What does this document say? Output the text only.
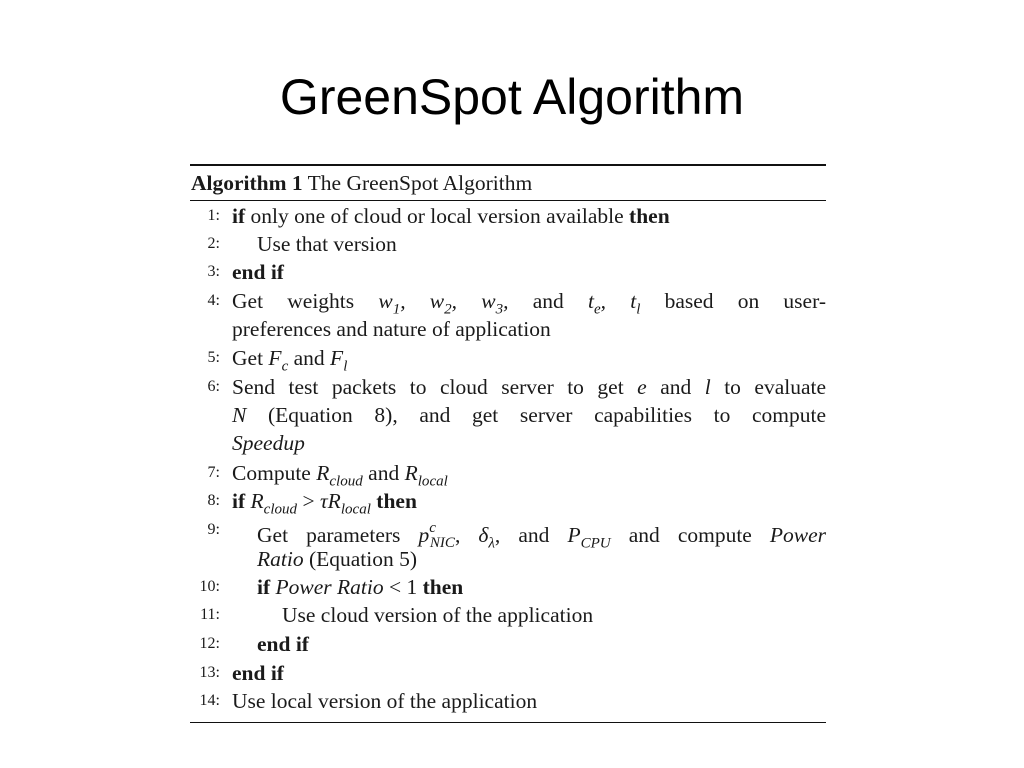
GreenSpot Algorithm
Algorithm 1 The GreenSpot Algorithm
1: if only one of cloud or local version available then
2: Use that version
3: end if
4: Get weights $w_1$, $w_2$, $w_3$, and $t_e$, $t_l$ based on user-
preferences and nature of application
5: Get $F_c$ and $F_l$
6: Send test packets to cloud server to get e and l to evaluate
N (Equation 8), and get server capabilities to compute
Speedup
7: Compute $R_{cloud}$ and $R_{local}$
8: if $R_{cloud} > \tau R_{local}$ then
9: Get parameters $p^c_{NIC}$, $\delta_\lambda$, and $P_{CPU}$ and compute Power
Ratio (Equation 5)
10: if Power Ratio < 1 then
11:	Use cloud version of the application
12: end if
13: end if
14: Use local version of the application
